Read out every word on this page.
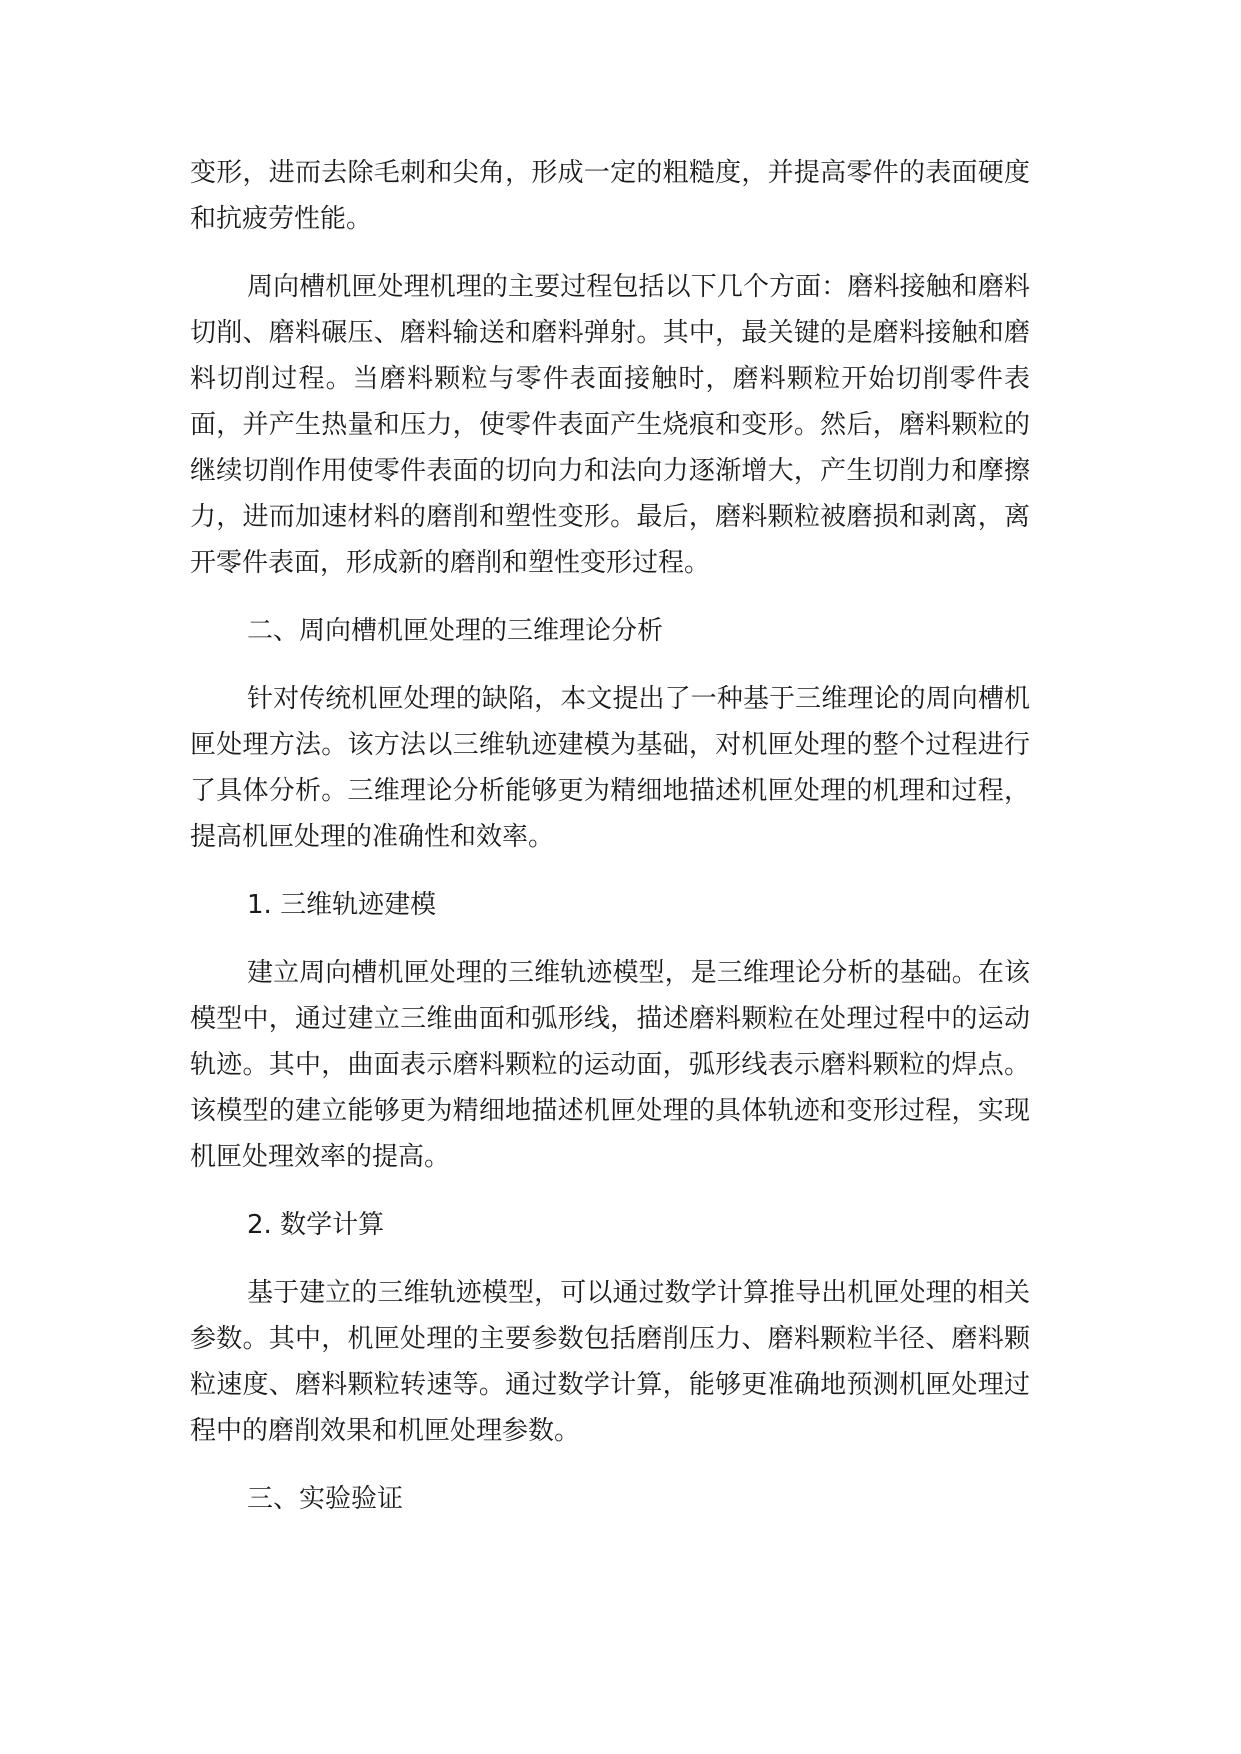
变形，进而去除毛刺和尖角，形成一定的粗糙度，并提高零件的表面硬度和抗疲劳性能。

周向槽机匣处理机理的主要过程包括以下几个方面：磨料接触和磨料切削、磨料碾压、磨料输送和磨料弹射。其中，最关键的是磨料接触和磨料切削过程。当磨料颗粒与零件表面接触时，磨料颗粒开始切削零件表面，并产生热量和压力，使零件表面产生烧痕和变形。然后，磨料颗粒的继续切削作用使零件表面的切向力和法向力逐渐增大，产生切削力和摩擦力，进而加速材料的磨削和塑性变形。最后，磨料颗粒被磨损和剥离，离开零件表面，形成新的磨削和塑性变形过程。

二、周向槽机匣处理的三维理论分析

针对传统机匣处理的缺陷，本文提出了一种基于三维理论的周向槽机匣处理方法。该方法以三维轨迹建模为基础，对机匣处理的整个过程进行了具体分析。三维理论分析能够更为精细地描述机匣处理的机理和过程，提高机匣处理的准确性和效率。

1. 三维轨迹建模

建立周向槽机匣处理的三维轨迹模型，是三维理论分析的基础。在该模型中，通过建立三维曲面和弧形线，描述磨料颗粒在处理过程中的运动轨迹。其中，曲面表示磨料颗粒的运动面，弧形线表示磨料颗粒的焊点。该模型的建立能够更为精细地描述机匣处理的具体轨迹和变形过程，实现机匣处理效率的提高。

2. 数学计算

基于建立的三维轨迹模型，可以通过数学计算推导出机匣处理的相关参数。其中，机匣处理的主要参数包括磨削压力、磨料颗粒半径、磨料颗粒速度、磨料颗粒转速等。通过数学计算，能够更准确地预测机匣处理过程中的磨削效果和机匣处理参数。

三、实验验证
